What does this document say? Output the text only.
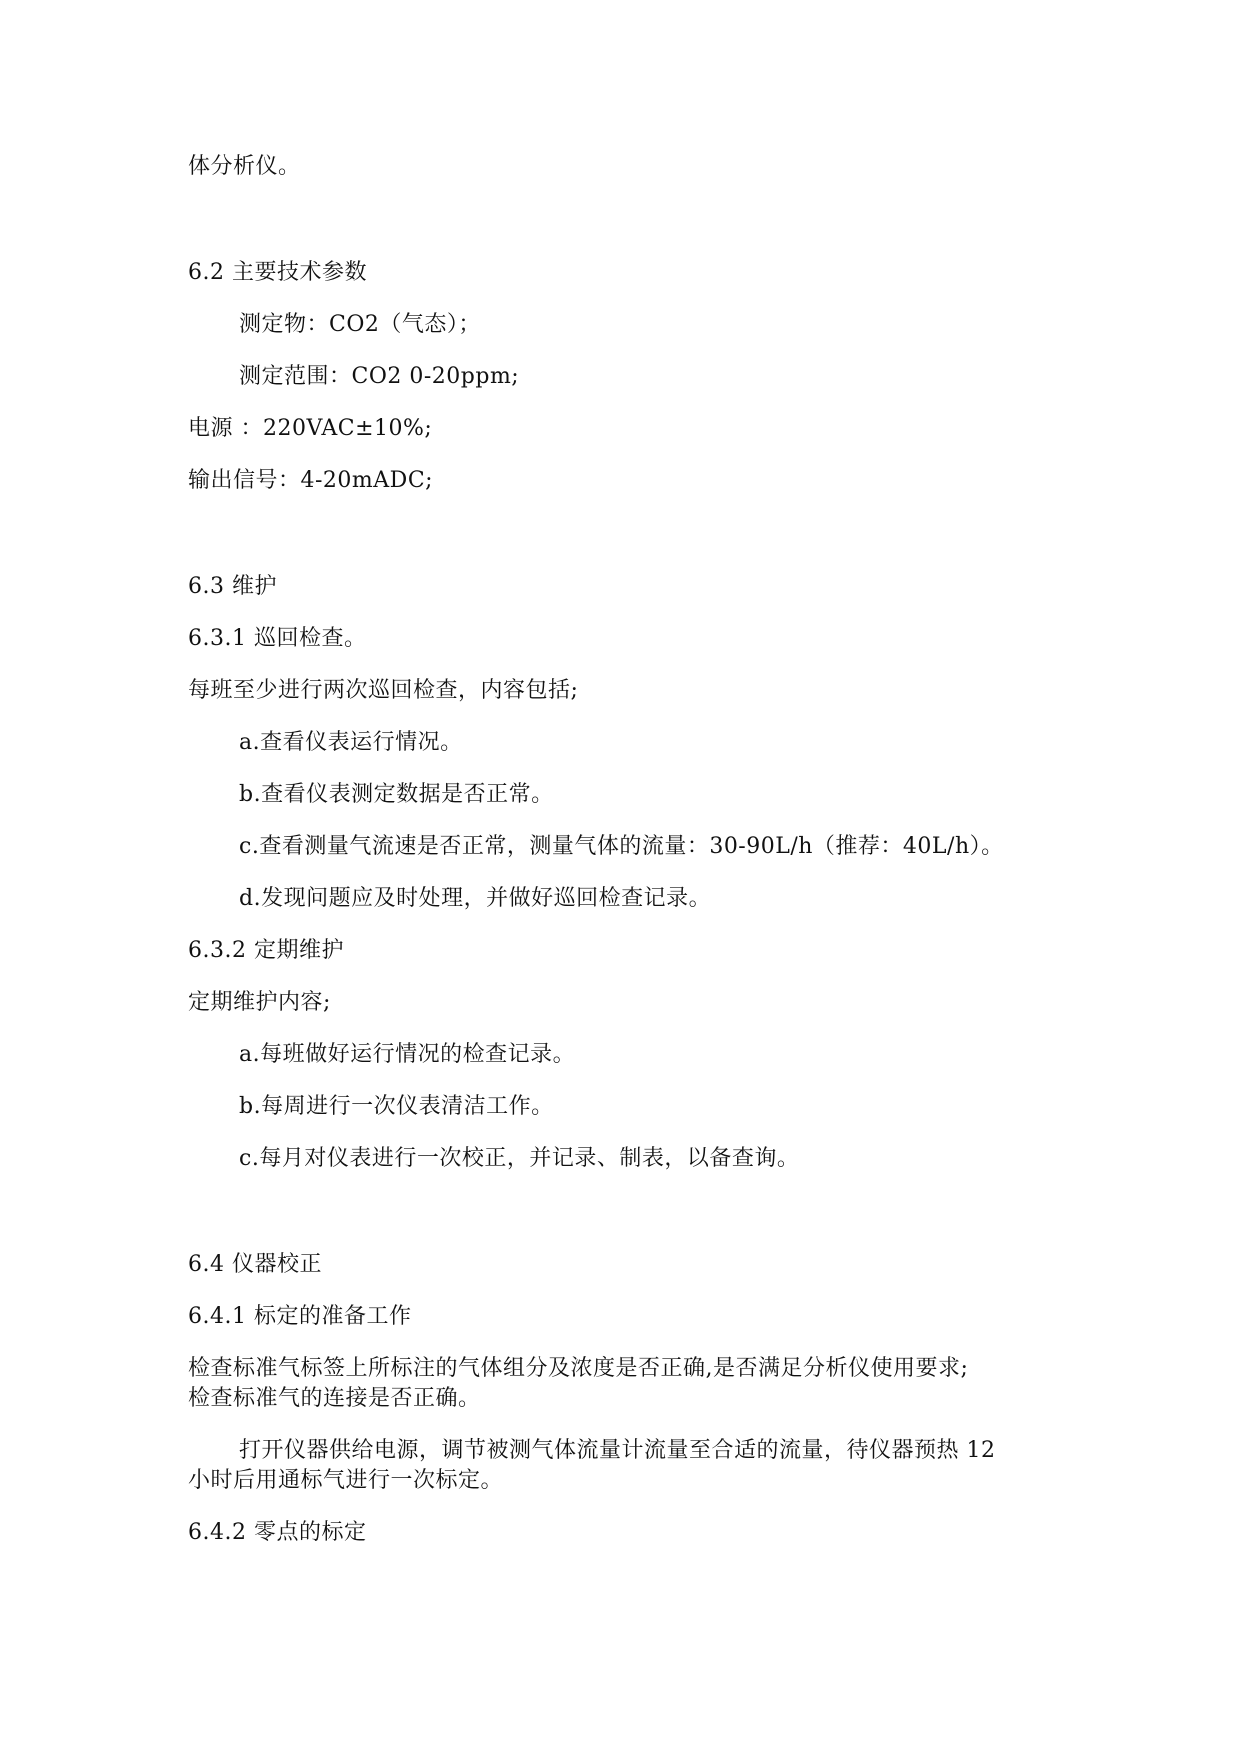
体分析仪。
6.2 主要技术参数
测定物：CO2（气态）；
测定范围：CO2 0-20ppm;
电源 ：220VAC±10%;
输出信号：4-20mADC;
6.3 维护
6.3.1 巡回检查。
每班至少进行两次巡回检查，内容包括;
a.查看仪表运行情况。
b.查看仪表测定数据是否正常。
c.查看测量气流速是否正常，测量气体的流量：30-90L/h（推荐：40L/h）。
d.发现问题应及时处理，并做好巡回检查记录。
6.3.2 定期维护
定期维护内容;
a.每班做好运行情况的检查记录。
b.每周进行一次仪表清洁工作。
c.每月对仪表进行一次校正，并记录、制表，以备查询。
6.4 仪器校正
6.4.1 标定的准备工作
检查标准气标签上所标注的气体组分及浓度是否正确,是否满足分析仪使用要求;
检查标准气的连接是否正确。
打开仪器供给电源，调节被测气体流量计流量至合适的流量，待仪器预热 12
小时后用通标气进行一次标定。
6.4.2 零点的标定
